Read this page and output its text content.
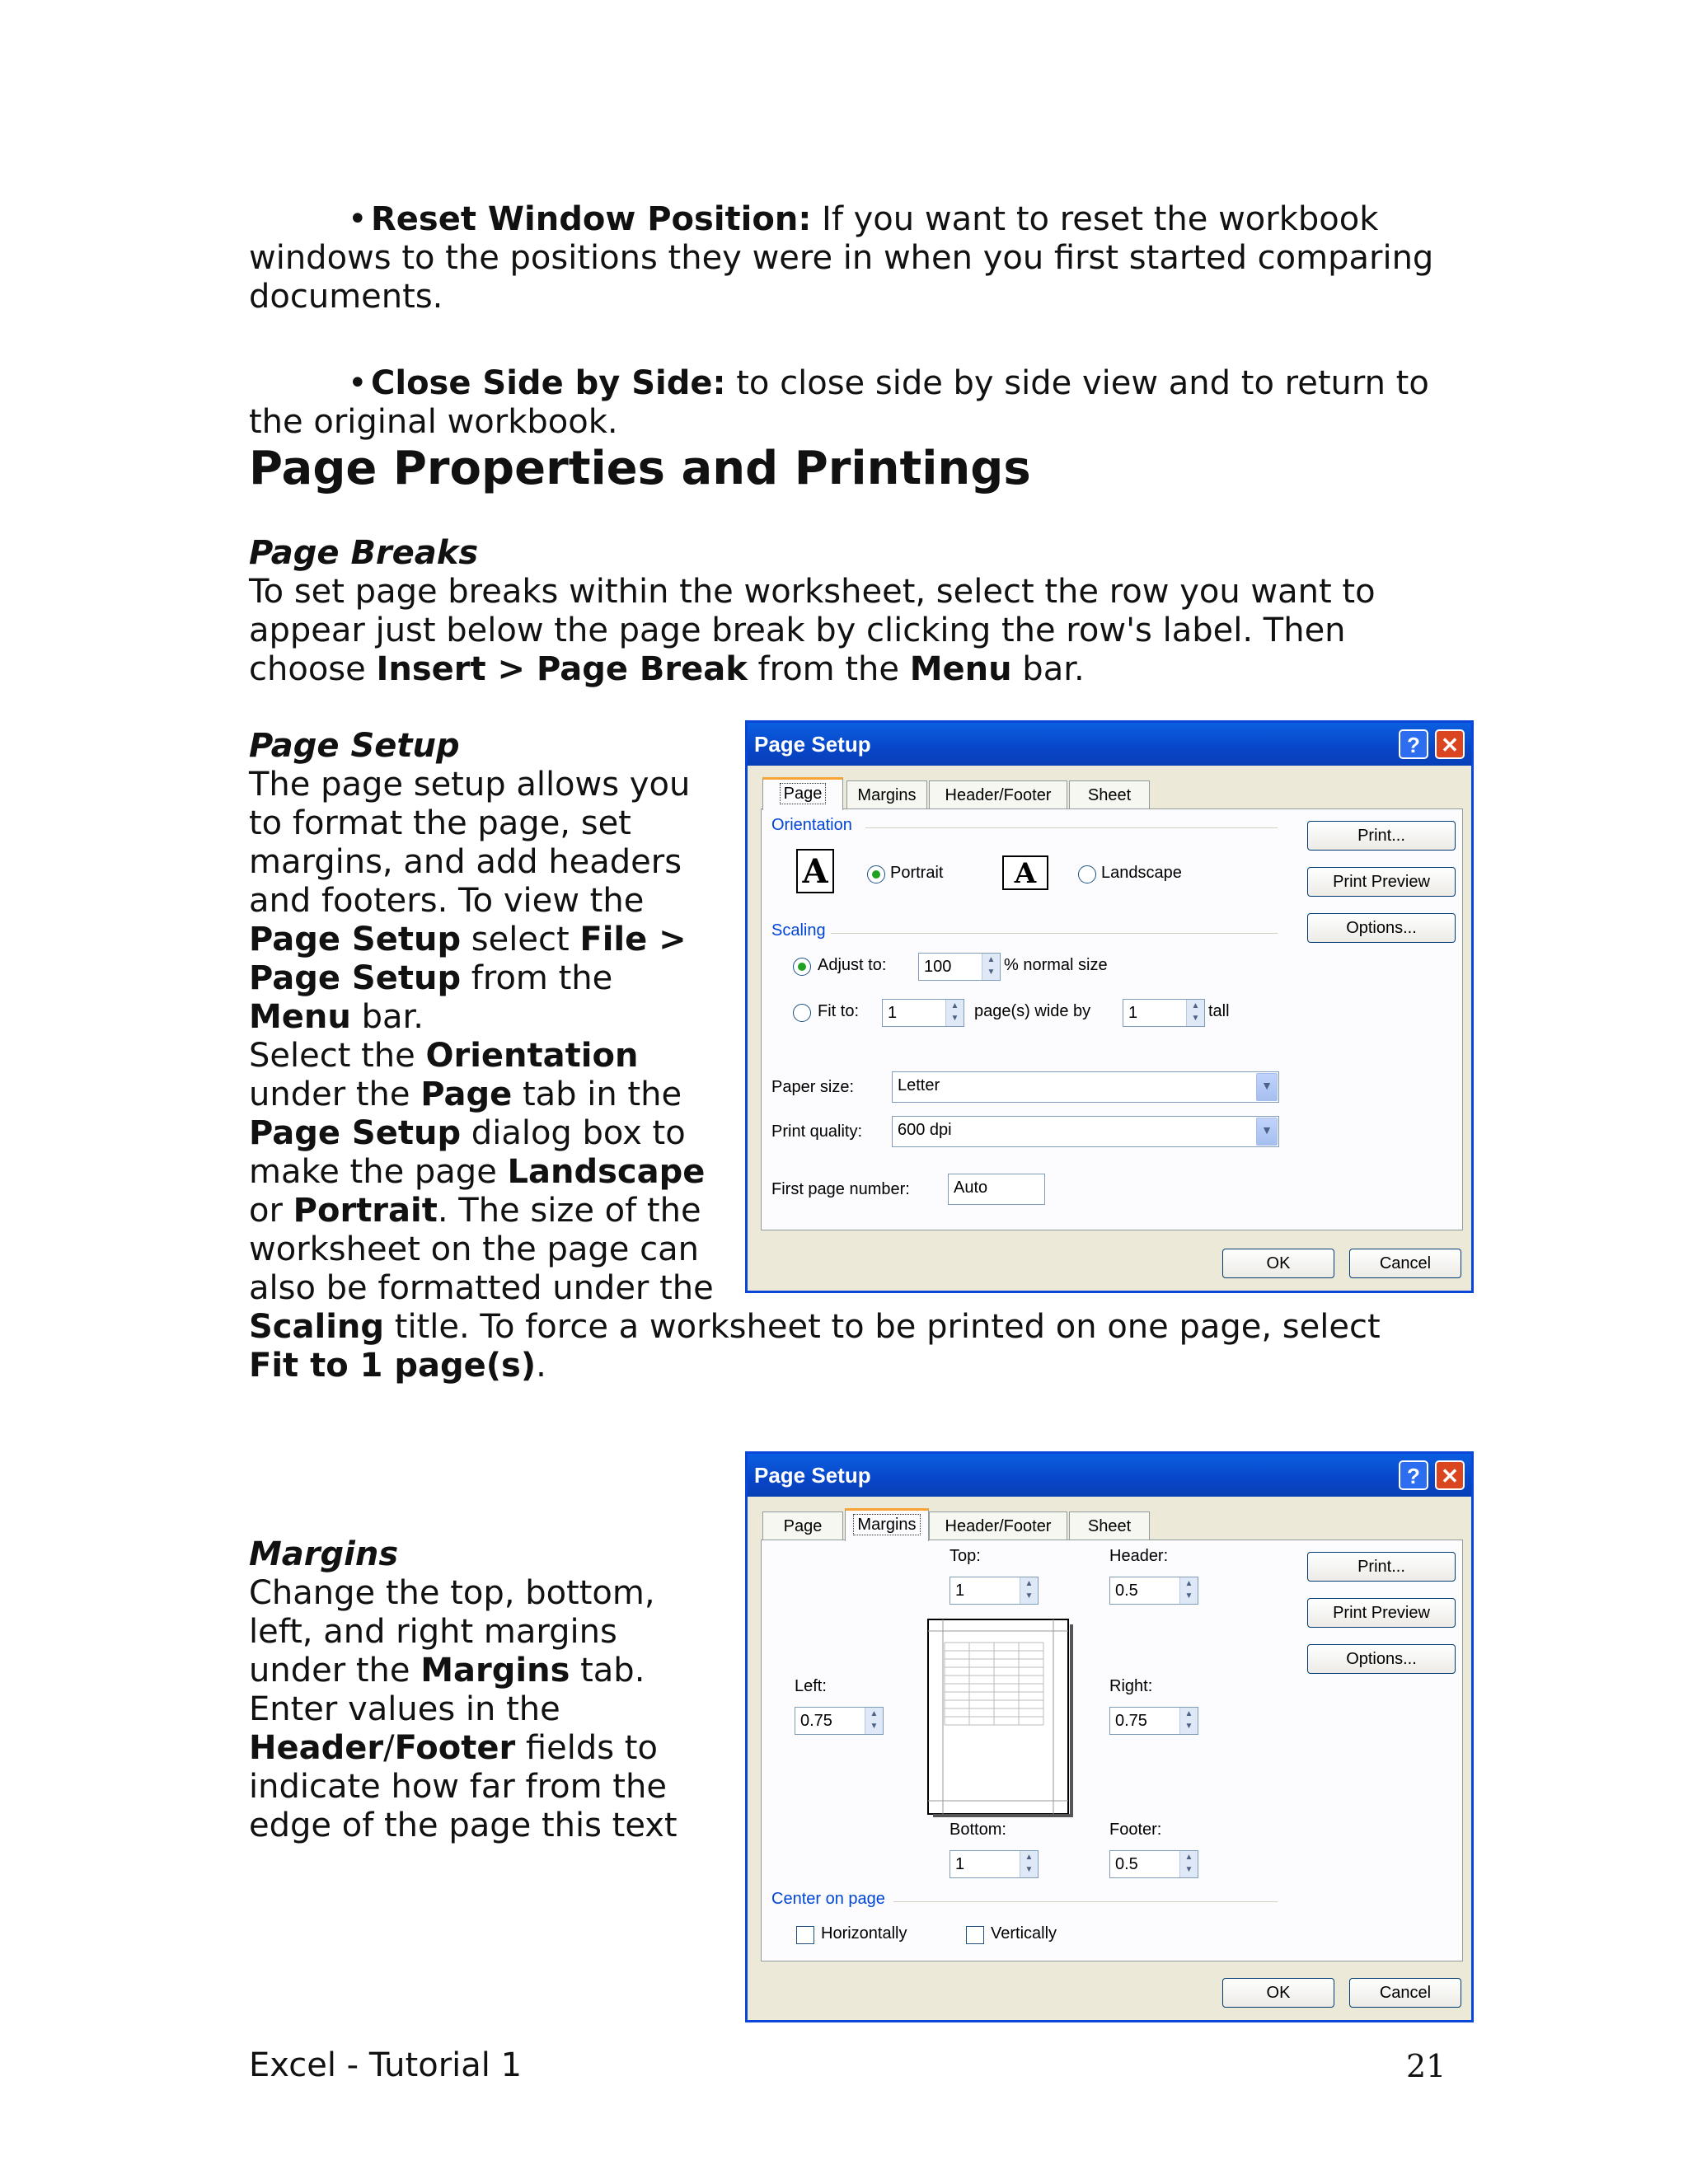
• Reset Window Position: If you want to reset the workbook

windows to the positions they were in when you first started comparing

documents.

• Close Side by Side: to close side by side view and to return to

the original workbook.

Page Properties and Printings

Page Breaks

To set page breaks within the worksheet, select the row you want to

appear just below the page break by clicking the row's label. Then

choose Insert > Page Break from the Menu bar.

Page Setup

The page setup allows you

to format the page, set

margins, and add headers

and footers. To view the

Page Setup select File >

Page Setup from the

Menu bar.

Select the Orientation

under the Page tab in the

Page Setup dialog box to

make the page Landscape

or Portrait. The size of the

worksheet on the page can

also be formatted under the

Scaling title. To force a worksheet to be printed on one page, select

Fit to 1 page(s).

Margins

Change the top, bottom,

left, and right margins

under the Margins tab.

Enter values in the

Header/Footer fields to

indicate how far from the

edge of the page this text

Page Setup	? ✕
Page	Margins	Header/Footer	Sheet
Orientation
A	Portrait	A	Landscape
Scaling
Adjust to:	100	▲
▼ % normal size
Fit to:	1	▲
▼ page(s) wide by	1	▲
▼ tall
Paper size:	Letter	▼
Print quality:	600 dpi	▼
First page number:	Auto
Print...
Print Preview
Options...
OK	Cancel
Page Setup	? ✕
Page	Margins	Header/Footer	Sheet
Top:
1	▲
▼
Header:
0.5	▲
▼
Left:
0.75	▲
▼
Right:
0.75	▲
▼
Bottom:
1	▲
▼
Footer:
0.5	▲
▼
Center on page
Horizontally	Vertically
Print...
Print Preview
Options...
OK	Cancel
Excel - Tutorial 1	21
